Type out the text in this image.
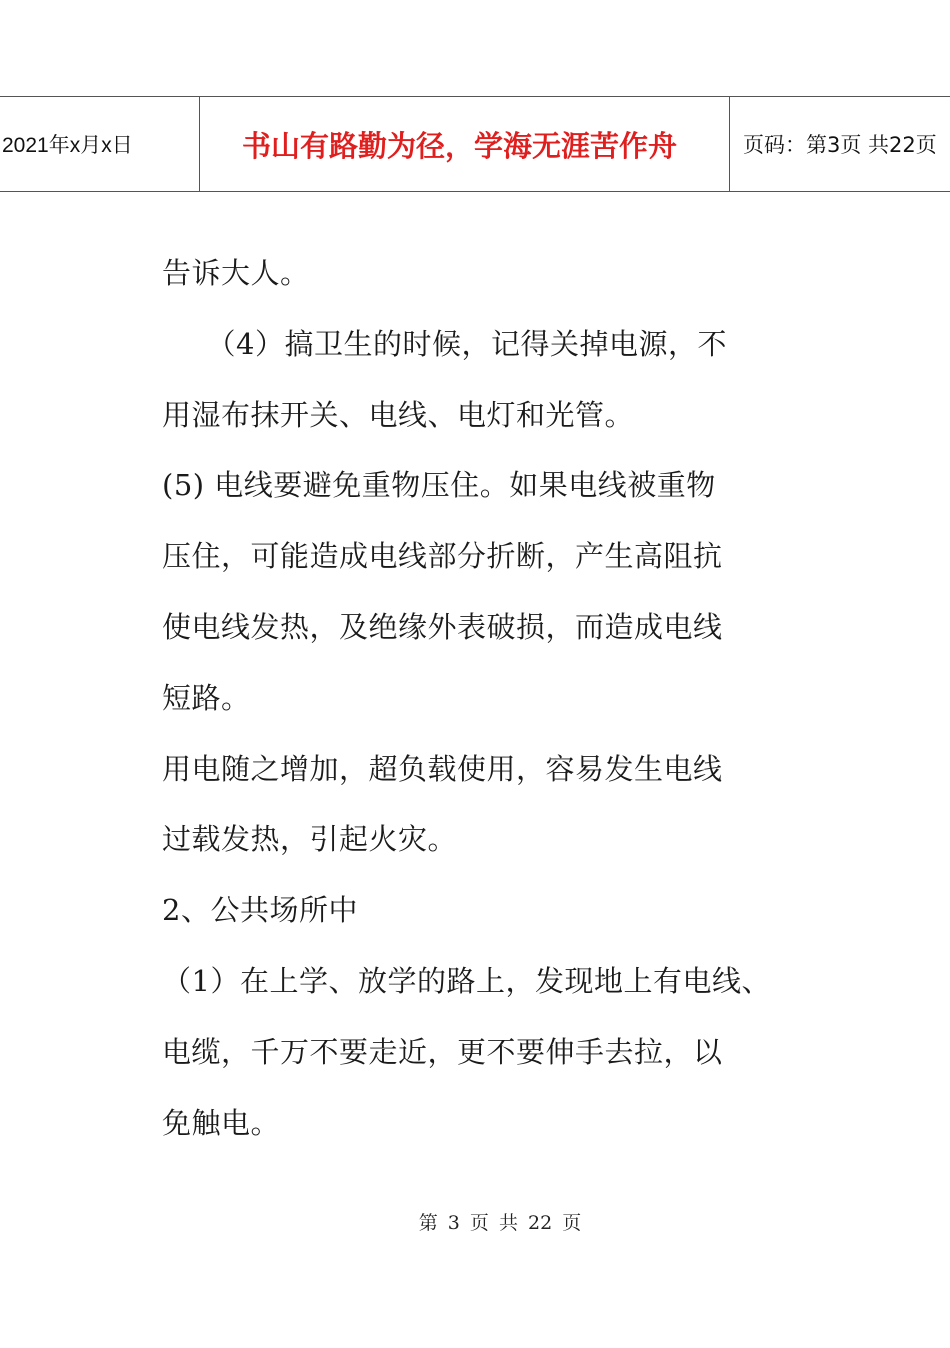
2021年x月x日	书山有路勤为径，学海无涯苦作舟	页码：第3页 共22页
告诉大人。
　　（4）搞卫生的时候，记得关掉电源，不
用湿布抹开关、电线、电灯和光管。
(5) 电线要避免重物压住。如果电线被重物
压住，可能造成电线部分折断，产生高阻抗
使电线发热，及绝缘外表破损，而造成电线
短路。
用电随之增加，超负载使用，容易发生电线
过载发热，引起火灾。
2、公共场所中
（1）在上学、放学的路上，发现地上有电线、
电缆，千万不要走近，更不要伸手去拉，以
免触电。
第 3 页 共 22 页
